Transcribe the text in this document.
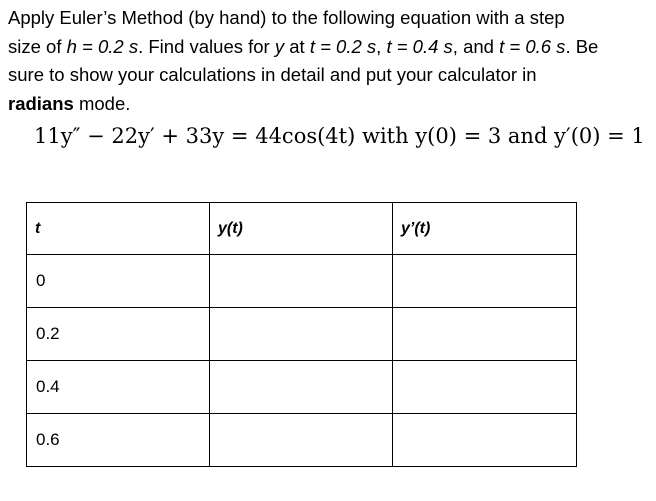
Apply Euler’s Method (by hand) to the following equation with a step
size of h = 0.2 s. Find values for y at t = 0.2 s, t = 0.4 s, and t = 0.6 s. Be
sure to show your calculations in detail and put your calculator in
radians mode.
11y″ − 22y′ + 33y = 44cos(4t) with y(0) = 3 and y′(0) = 1
t	y(t)	y’(t)
0		
0.2		
0.4		
0.6		
